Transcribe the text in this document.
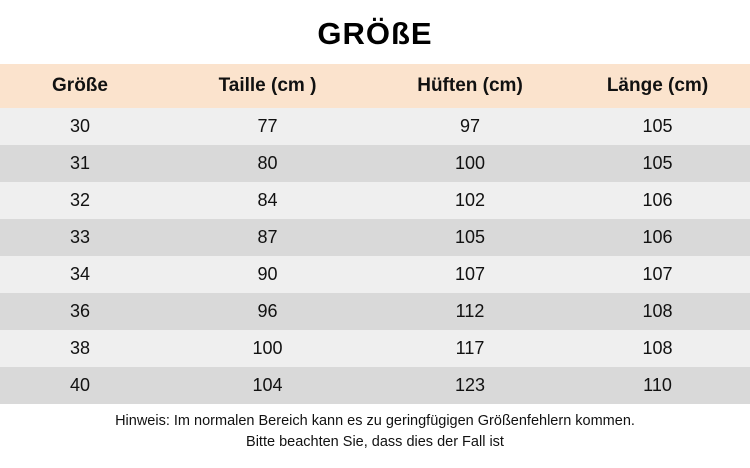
GRÖßE
Größe	Taille (cm )	Hüften (cm)	Länge (cm)
30	77	97	105
31	80	100	105
32	84	102	106
33	87	105	106
34	90	107	107
36	96	112	108
38	100	117	108
40	104	123	110
Hinweis: Im normalen Bereich kann es zu geringfügigen Größenfehlern kommen.
Bitte beachten Sie, dass dies der Fall ist
